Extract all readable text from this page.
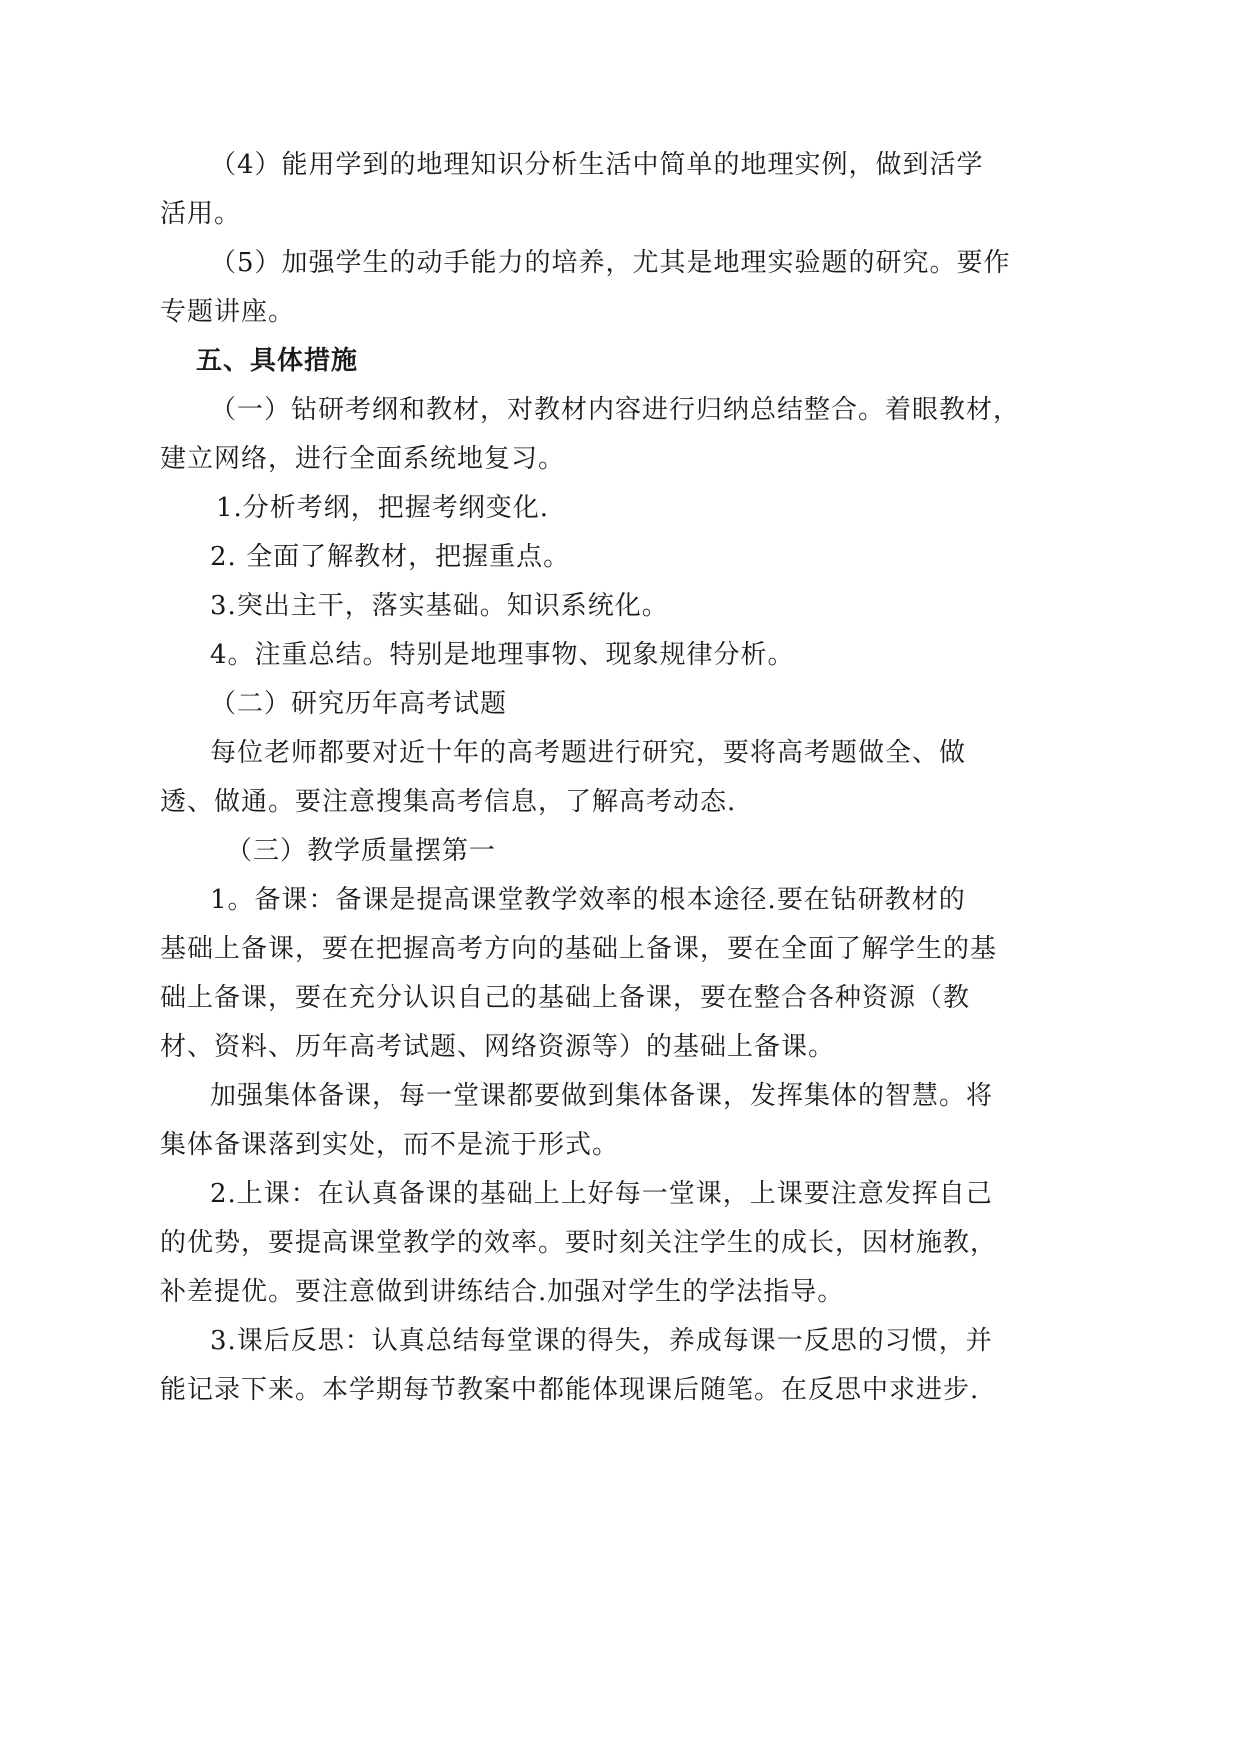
（4）能用学到的地理知识分析生活中简单的地理实例，做到活学
活用。
（5）加强学生的动手能力的培养，尤其是地理实验题的研究。要作
专题讲座。
五、具体措施
（一）钻研考纲和教材，对教材内容进行归纳总结整合。着眼教材，
建立网络，进行全面系统地复习。
1.分析考纲，把握考纲变化.
2. 全面了解教材，把握重点。
3.突出主干，落实基础。知识系统化。
4。注重总结。特别是地理事物、现象规律分析。
（二）研究历年高考试题
每位老师都要对近十年的高考题进行研究，要将高考题做全、做
透、做通。要注意搜集高考信息，了解高考动态.
（三）教学质量摆第一
1。备课：备课是提高课堂教学效率的根本途径.要在钻研教材的
基础上备课，要在把握高考方向的基础上备课，要在全面了解学生的基
础上备课，要在充分认识自己的基础上备课，要在整合各种资源（教
材、资料、历年高考试题、网络资源等）的基础上备课。
加强集体备课，每一堂课都要做到集体备课，发挥集体的智慧。将
集体备课落到实处，而不是流于形式。
2.上课：在认真备课的基础上上好每一堂课，上课要注意发挥自己
的优势，要提高课堂教学的效率。要时刻关注学生的成长，因材施教，
补差提优。要注意做到讲练结合.加强对学生的学法指导。
3.课后反思：认真总结每堂课的得失，养成每课一反思的习惯，并
能记录下来。本学期每节教案中都能体现课后随笔。在反思中求进步.
